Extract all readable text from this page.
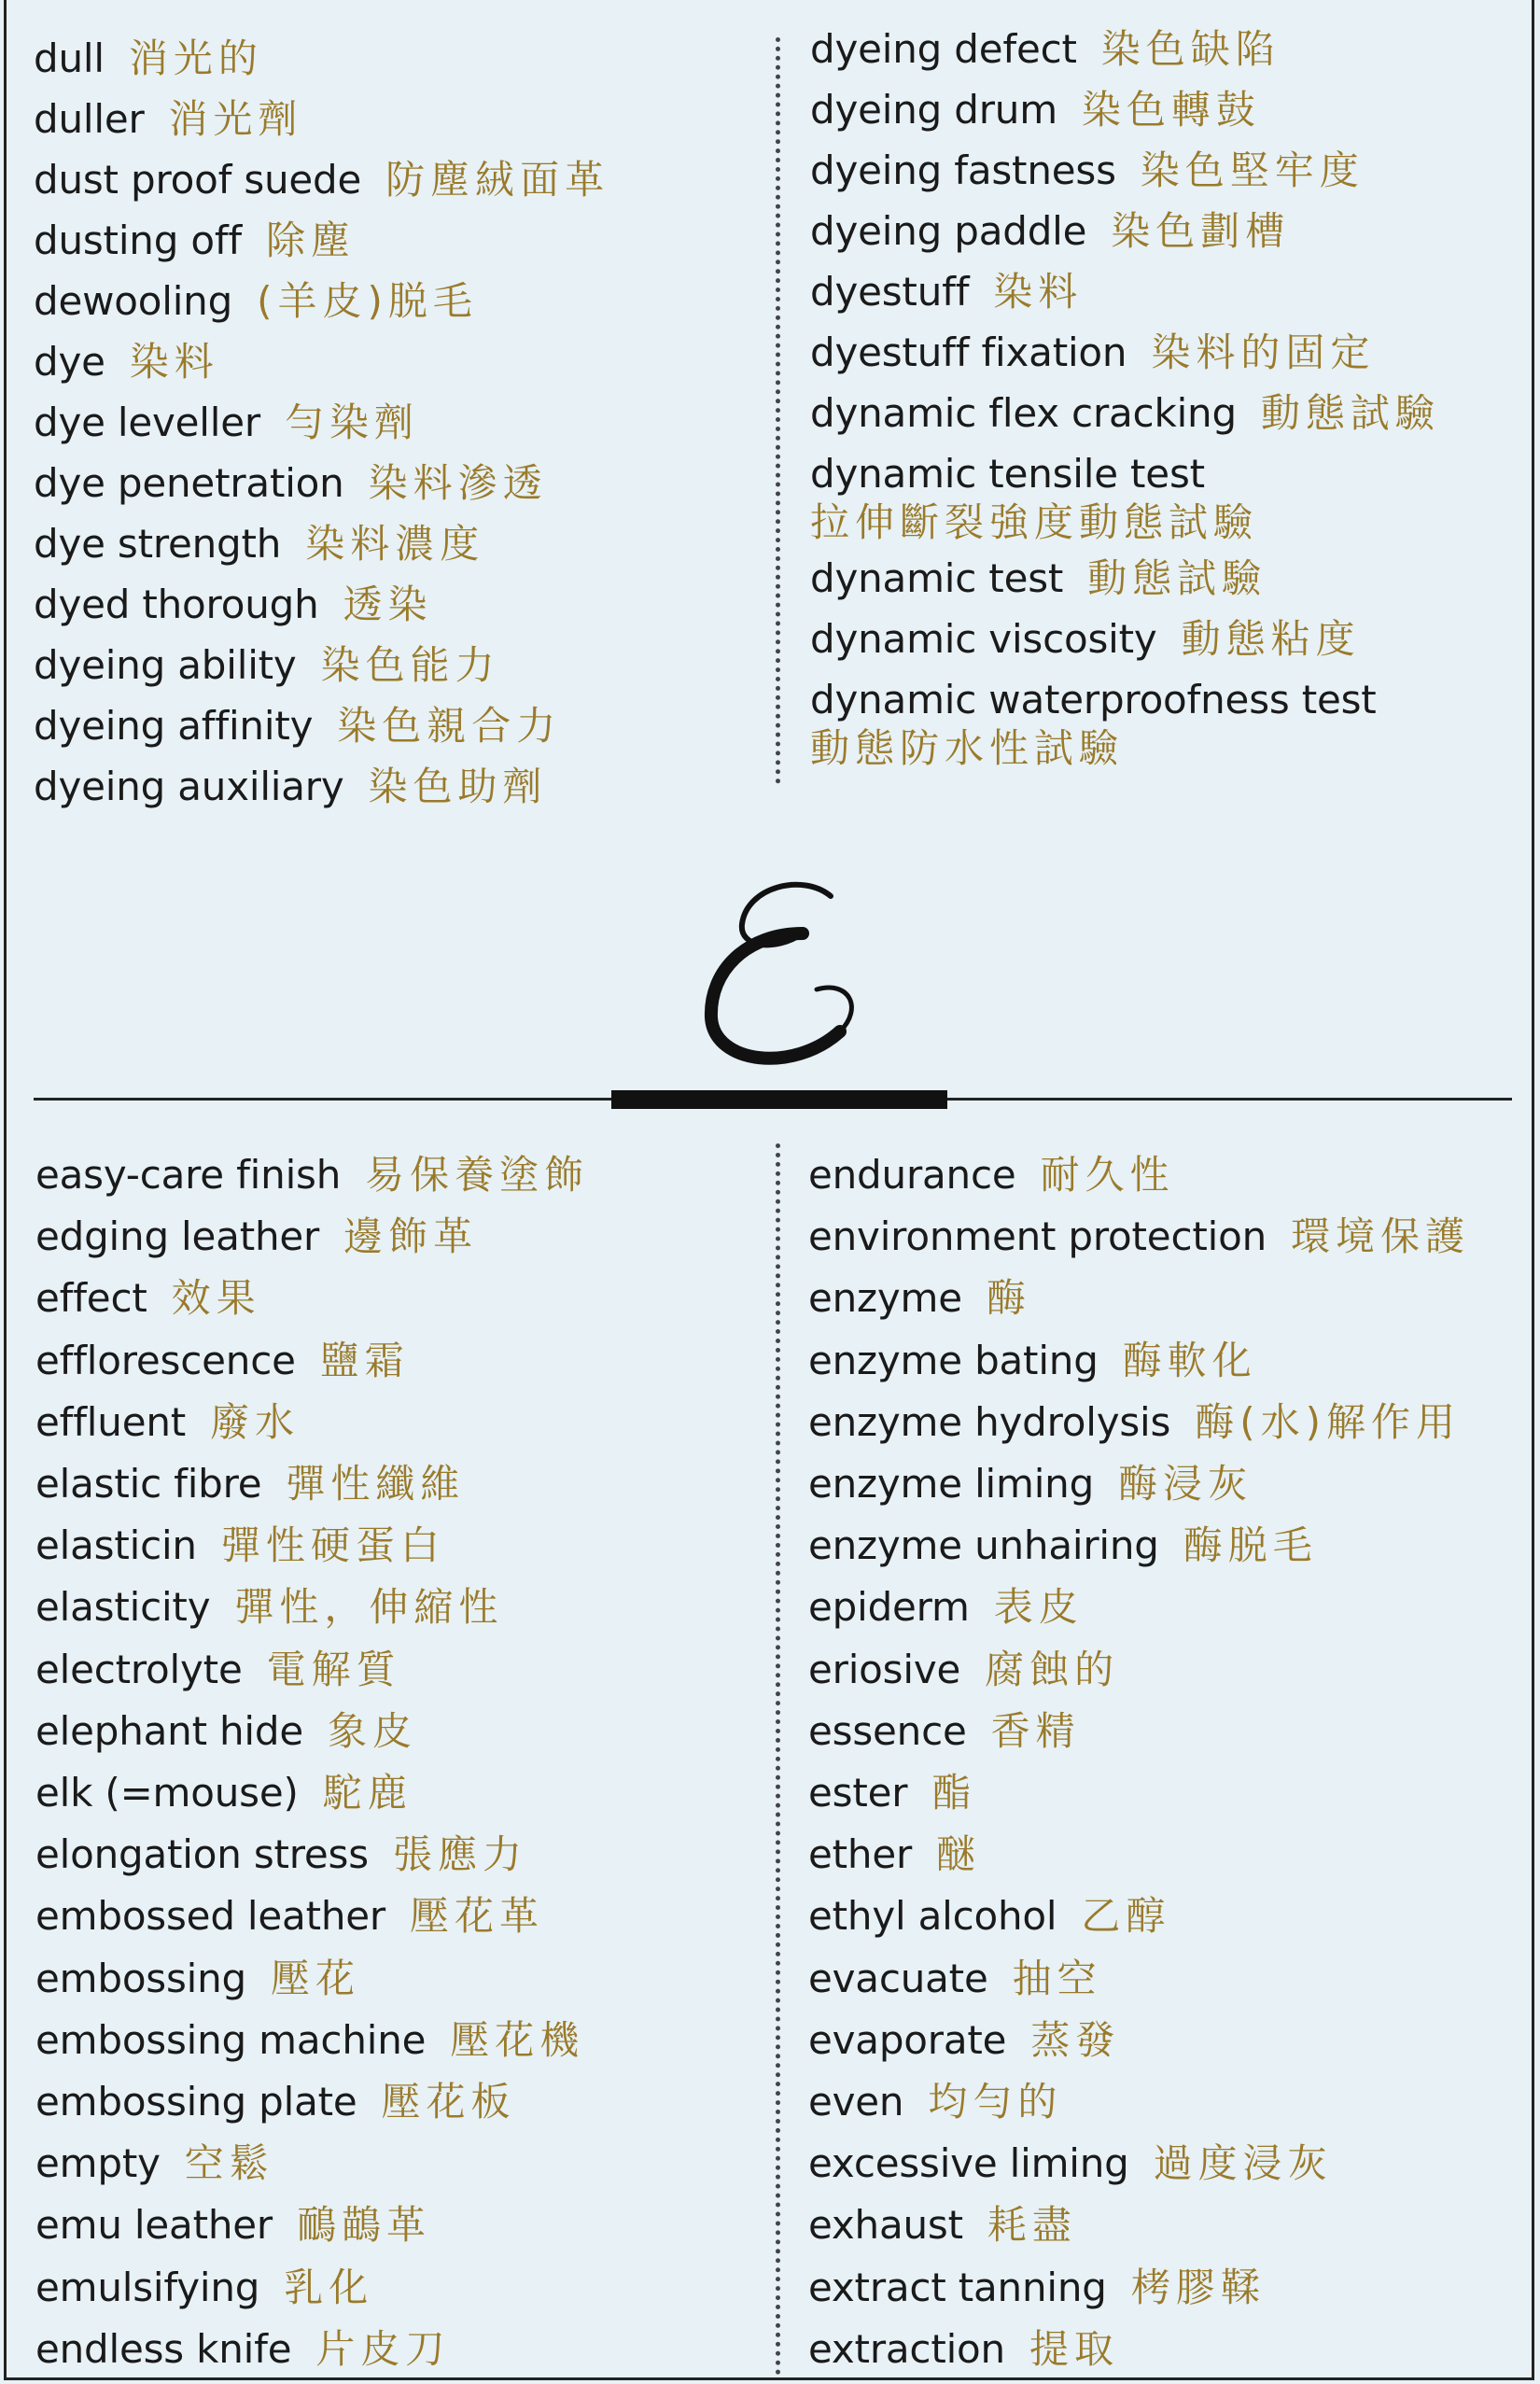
dull 消光的
duller 消光劑
dust proof suede 防塵絨面革
dusting off 除塵
dewooling (羊皮)脱毛
dye 染料
dye leveller 勻染劑
dye penetration 染料滲透
dye strength 染料濃度
dyed thorough 透染
dyeing ability 染色能力
dyeing affinity 染色親合力
dyeing auxiliary 染色助劑
dyeing defect 染色缺陷
dyeing drum 染色轉鼓
dyeing fastness 染色堅牢度
dyeing paddle 染色劃槽
dyestuff 染料
dyestuff fixation 染料的固定
dynamic flex cracking 動態試驗
dynamic tensile test
拉伸斷裂強度動態試驗
dynamic test 動態試驗
dynamic viscosity 動態粘度
dynamic waterproofness test
動態防水性試驗
easy-care finish 易保養塗飾
edging leather 邊飾革
effect 效果
efflorescence 鹽霜
effluent 廢水
elastic fibre 彈性纖維
elasticin 彈性硬蛋白
elasticity 彈性，伸縮性
electrolyte 電解質
elephant hide 象皮
elk (=mouse) 駝鹿
elongation stress 張應力
embossed leather 壓花革
embossing 壓花
embossing machine 壓花機
embossing plate 壓花板
empty 空鬆
emu leather 鴯鶓革
emulsifying 乳化
endless knife 片皮刀
endurance 耐久性
environment protection 環境保護
enzyme 酶
enzyme bating 酶軟化
enzyme hydrolysis 酶(水)解作用
enzyme liming 酶浸灰
enzyme unhairing 酶脱毛
epiderm 表皮
eriosive 腐蝕的
essence 香精
ester 酯
ether 醚
ethyl alcohol 乙醇
evacuate 抽空
evaporate 蒸發
even 均勻的
excessive liming 過度浸灰
exhaust 耗盡
extract tanning 栲膠鞣
extraction 提取
